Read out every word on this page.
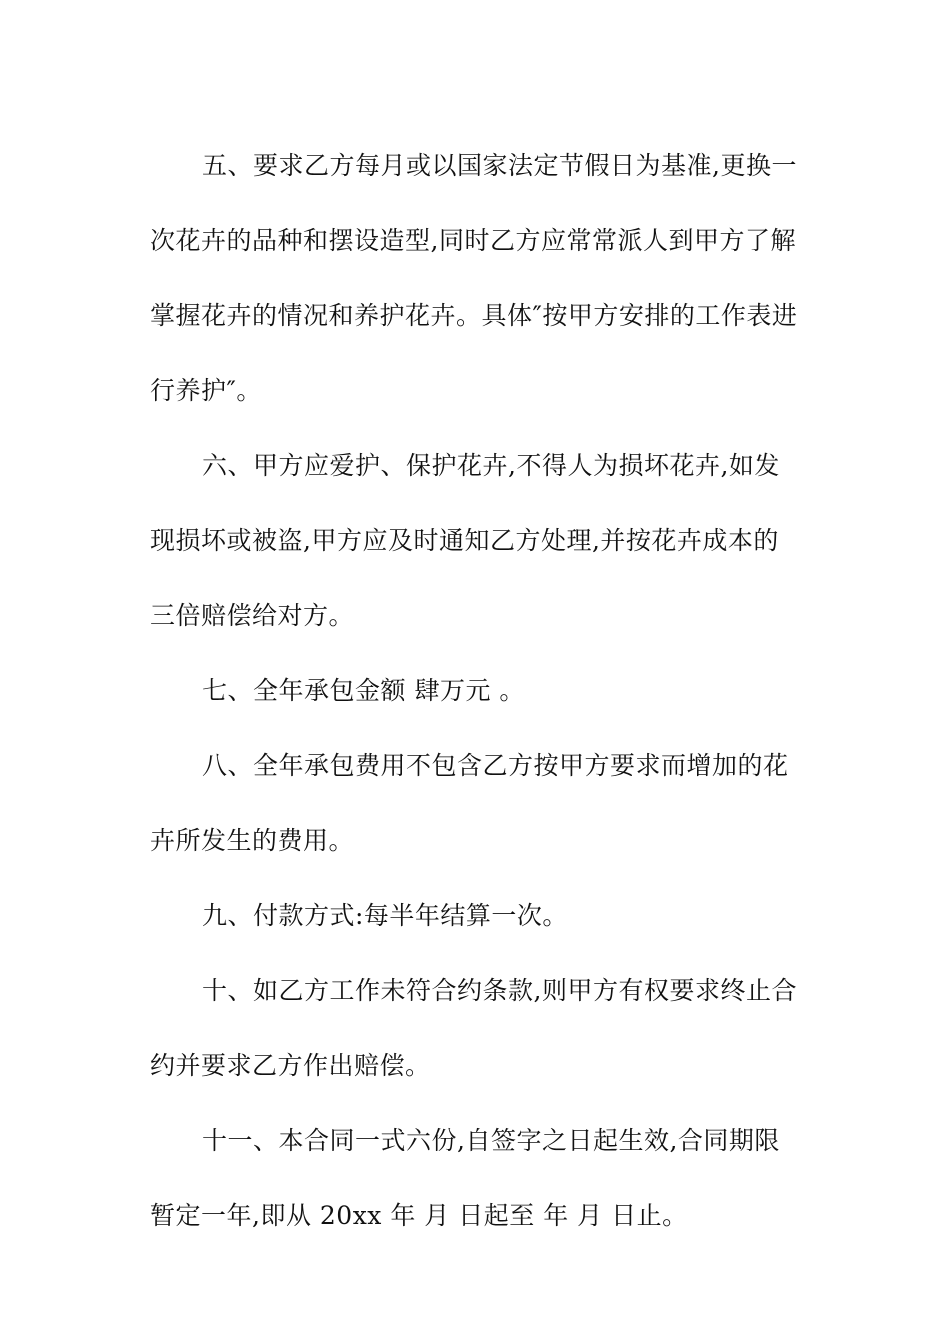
五、要求乙方每月或以国家法定节假日为基准,更换一
次花卉的品种和摆设造型,同时乙方应常常派人到甲方了解
掌握花卉的情况和养护花卉。具体″按甲方安排的工作表进
行养护″。
六、甲方应爱护、保护花卉,不得人为损坏花卉,如发
现损坏或被盗,甲方应及时通知乙方处理,并按花卉成本的
三倍赔偿给对方。
七、全年承包金额 肆万元 。
八、全年承包费用不包含乙方按甲方要求而增加的花
卉所发生的费用。
九、付款方式:每半年结算一次。
十、如乙方工作未符合约条款,则甲方有权要求终止合
约并要求乙方作出赔偿。
十一、本合同一式六份,自签字之日起生效,合同期限
暂定一年,即从 20xx 年 月 日起至 年 月 日止。
